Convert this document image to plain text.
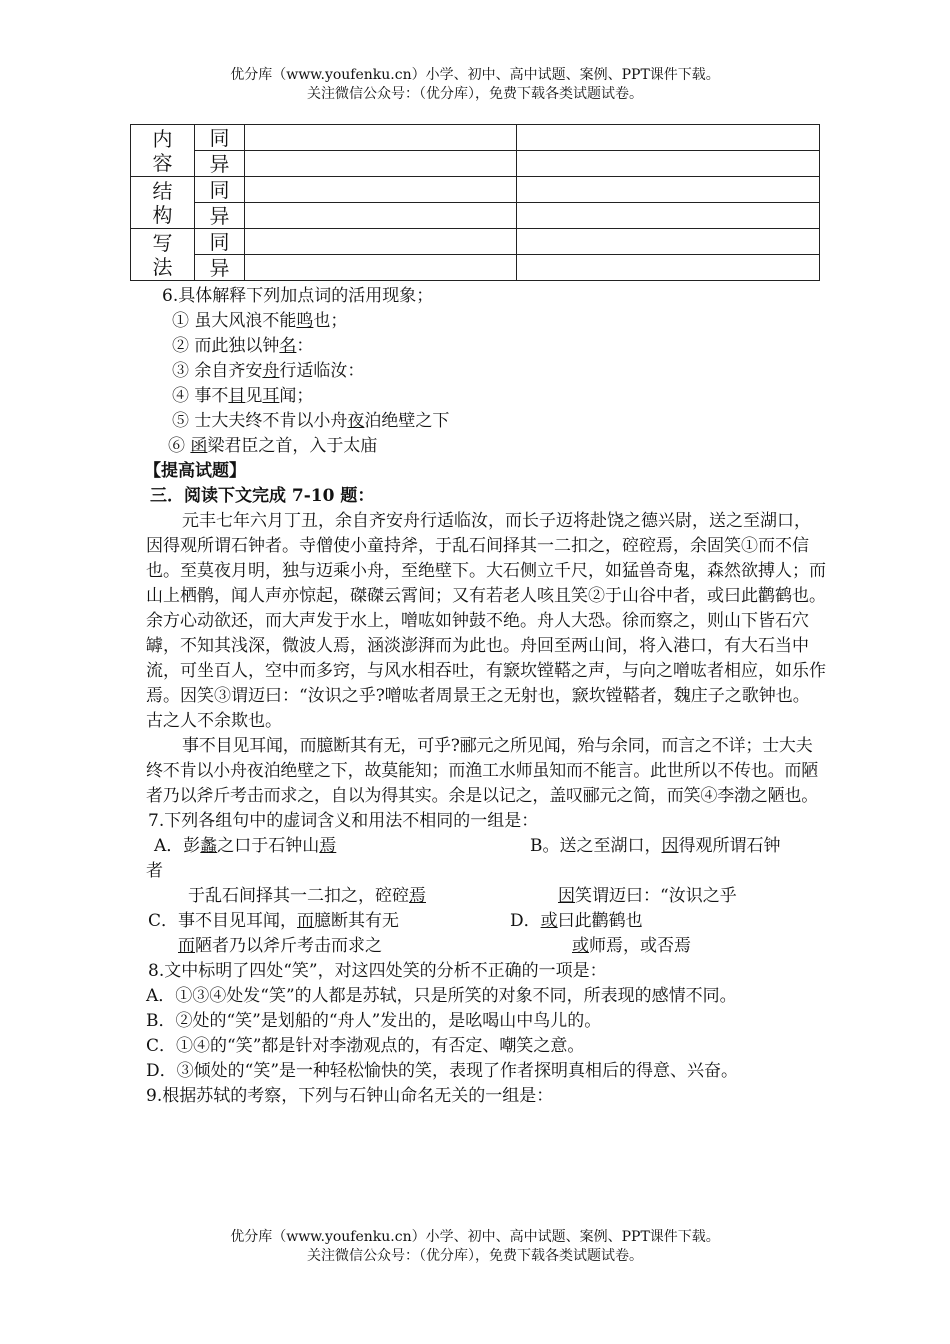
优分库（www.youfenku.cn）小学、初中、高中试题、案例、PPT课件下载。
关注微信公众号：（优分库），免费下载各类试题试卷。
内
容	同		
	异		

结
构	同		
	异		

写
法	同		
	异		

6.具体解释下列加点词的活用现象；

① 虽大风浪不能鸣也；

② 而此独以钟名：

③ 余自齐安舟行适临汝：

④ 事不目见耳闻；

⑤ 士大夫终不肯以小舟夜泊绝壁之下

⑥ 函梁君臣之首，入于太庙

【提高试题】

三．阅读下文完成 7-10 题：

元丰七年六月丁丑，余自齐安舟行适临汝，而长子迈将赴饶之德兴尉，送之至湖口，因得观所谓石钟者。寺僧使小童持斧，于乱石间择其一二扣之，硿硿焉，余固笑①而不信也。至莫夜月明，独与迈乘小舟，至绝壁下。大石侧立千尺，如猛兽奇鬼，森然欲搏人；而山上栖鹘，闻人声亦惊起，磔磔云霄间；又有若老人咳且笑②于山谷中者，或曰此鹳鹤也。余方心动欲还，而大声发于水上，噌吰如钟鼓不绝。舟人大恐。徐而察之，则山下皆石穴罅，不知其浅深，微波人焉，涵淡澎湃而为此也。舟回至两山间，将入港口，有大石当中流，可坐百人，空中而多窍，与风水相吞吐，有窾坎镗鞳之声，与向之噌吰者相应，如乐作焉。因笑③谓迈曰：“汝识之乎?噌吰者周景王之无射也，窾坎镗鞳者，魏庄子之歌钟也。古之人不余欺也。

事不目见耳闻，而臆断其有无，可乎?郦元之所见闻，殆与余同，而言之不详；士大夫终不肯以小舟夜泊绝壁之下，故莫能知；而渔工水师虽知而不能言。此世所以不传也。而陋者乃以斧斤考击而求之，自以为得其实。余是以记之，盖叹郦元之简，而笑④李渤之陋也。

7.下列各组句中的虚词含义和用法不相同的一组是：

A．彭蠡之口于石钟山焉	B。送之至湖口，因得观所谓石钟

者

于乱石间择其一二扣之，硿硿焉	因笑谓迈曰：“汝识之乎
C．事不目见耳闻，而臆断其有无	D．或曰此鹳鹤也
而陋者乃以斧斤考击而求之	或师焉，或否焉

8.文中标明了四处“笑”，对这四处笑的分析不正确的一项是：

A．①③④处发“笑”的人都是苏轼，只是所笑的对象不同，所表现的感情不同。

B．②处的“笑”是划船的“舟人”发出的，是吆喝山中鸟儿的。

C．①④的“笑”都是针对李渤观点的，有否定、嘲笑之意。

D．③倾处的“笑”是一种轻松愉快的笑，表现了作者探明真相后的得意、兴奋。

9.根据苏轼的考察，下列与石钟山命名无关的一组是：

优分库（www.youfenku.cn）小学、初中、高中试题、案例、PPT课件下载。
关注微信公众号：（优分库），免费下载各类试题试卷。
